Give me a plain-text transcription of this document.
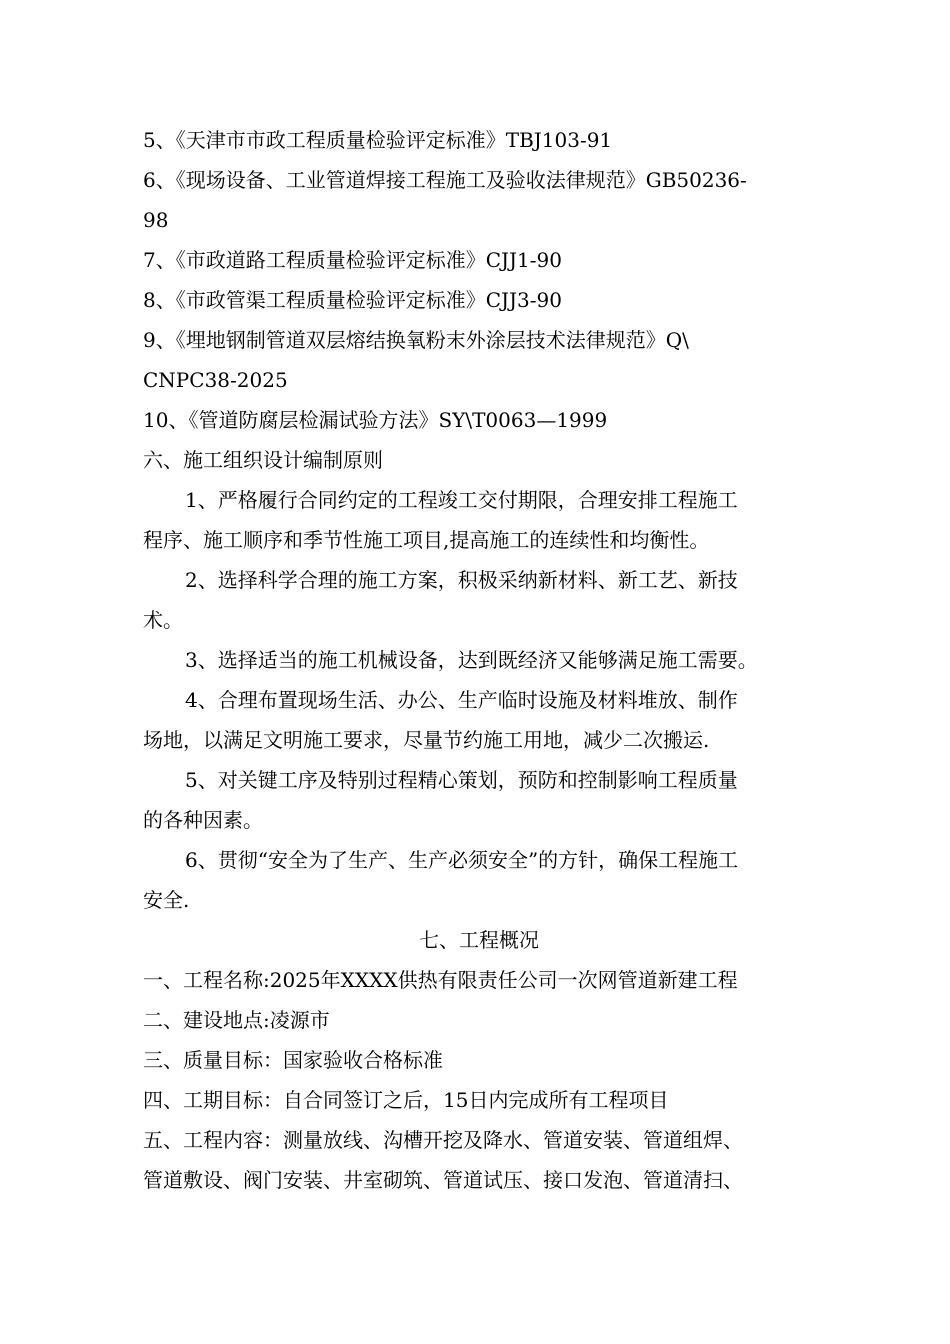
5、《天津市市政工程质量检验评定标准》TBJ103-91
6、《现场设备、工业管道焊接工程施工及验收法律规范》GB50236-
98
7、《市政道路工程质量检验评定标准》CJJ1-90
8、《市政管渠工程质量检验评定标准》CJJ3-90
9、《埋地钢制管道双层熔结换氧粉末外涂层技术法律规范》Q\
CNPC38-2025
10、《管道防腐层检漏试验方法》SY\T0063—1999
六、施工组织设计编制原则
1、严格履行合同约定的工程竣工交付期限，合理安排工程施工
程序、施工顺序和季节性施工项目,提高施工的连续性和均衡性。
2、选择科学合理的施工方案，积极采纳新材料、新工艺、新技
术。
3、选择适当的施工机械设备，达到既经济又能够满足施工需要。
4、合理布置现场生活、办公、生产临时设施及材料堆放、制作
场地，以满足文明施工要求，尽量节约施工用地，减少二次搬运.
5、对关键工序及特别过程精心策划，预防和控制影响工程质量
的各种因素。
6、贯彻“安全为了生产、生产必须安全”的方针，确保工程施工
安全.
七、工程概况
一、工程名称:2025年XXXX供热有限责任公司一次网管道新建工程
二、建设地点:凌源市
三、质量目标：国家验收合格标准
四、工期目标：自合同签订之后，15日内完成所有工程项目
五、工程内容：测量放线、沟槽开挖及降水、管道安装、管道组焊、
管道敷设、阀门安装、井室砌筑、管道试压、接口发泡、管道清扫、
